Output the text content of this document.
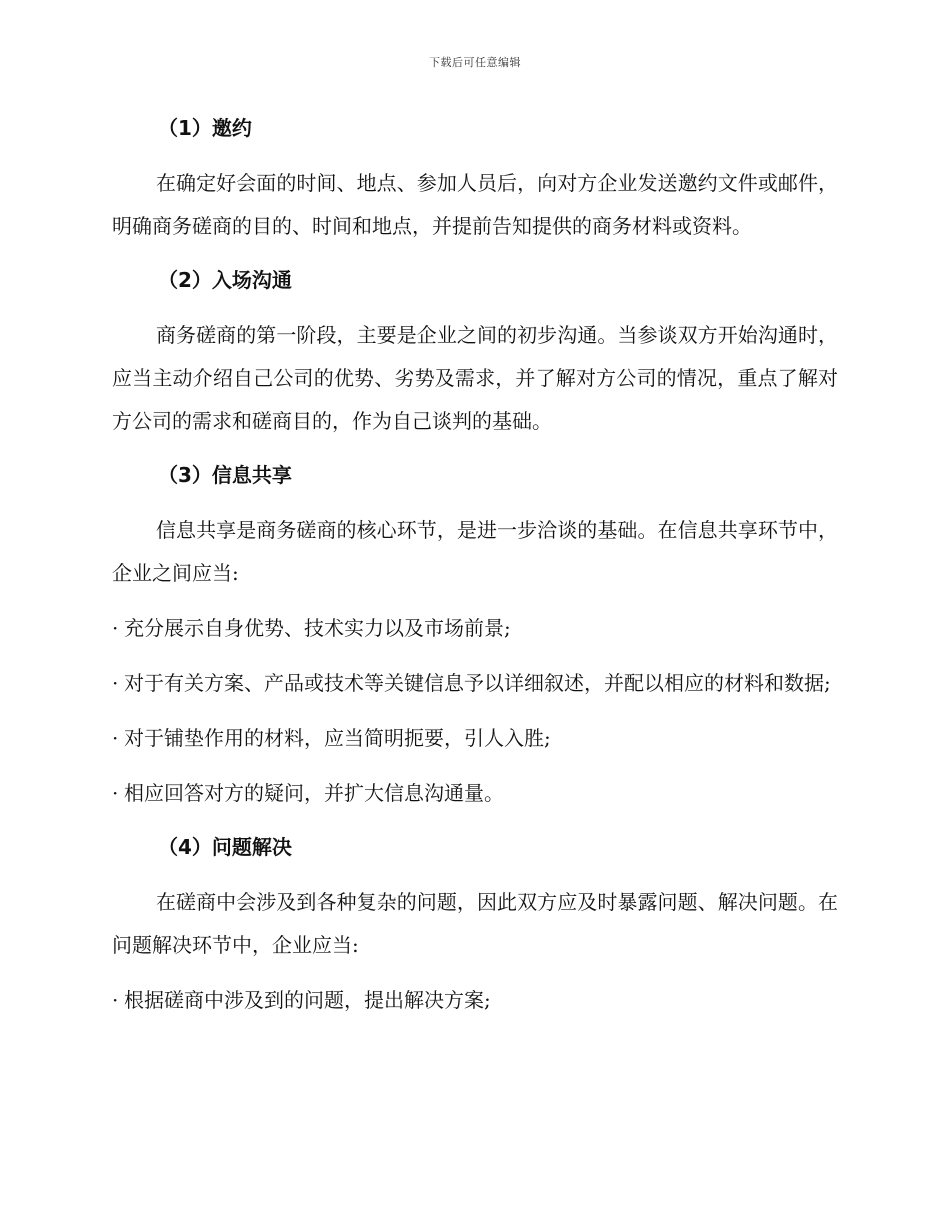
下载后可任意编辑
（1）邀约

在确定好会面的时间、地点、参加人员后，向对方企业发送邀约文件或邮件，明确商务磋商的目的、时间和地点，并提前告知提供的商务材料或资料。

（2）入场沟通

商务磋商的第一阶段，主要是企业之间的初步沟通。当参谈双方开始沟通时，应当主动介绍自己公司的优势、劣势及需求，并了解对方公司的情况，重点了解对方公司的需求和磋商目的，作为自己谈判的基础。

（3）信息共享

信息共享是商务磋商的核心环节，是进一步洽谈的基础。在信息共享环节中，企业之间应当:

· 充分展示自身优势、技术实力以及市场前景;

· 对于有关方案、产品或技术等关键信息予以详细叙述，并配以相应的材料和数据;

· 对于铺垫作用的材料，应当简明扼要，引人入胜;

· 相应回答对方的疑问，并扩大信息沟通量。

（4）问题解决

在磋商中会涉及到各种复杂的问题，因此双方应及时暴露问题、解决问题。在问题解决环节中，企业应当:

· 根据磋商中涉及到的问题，提出解决方案;
